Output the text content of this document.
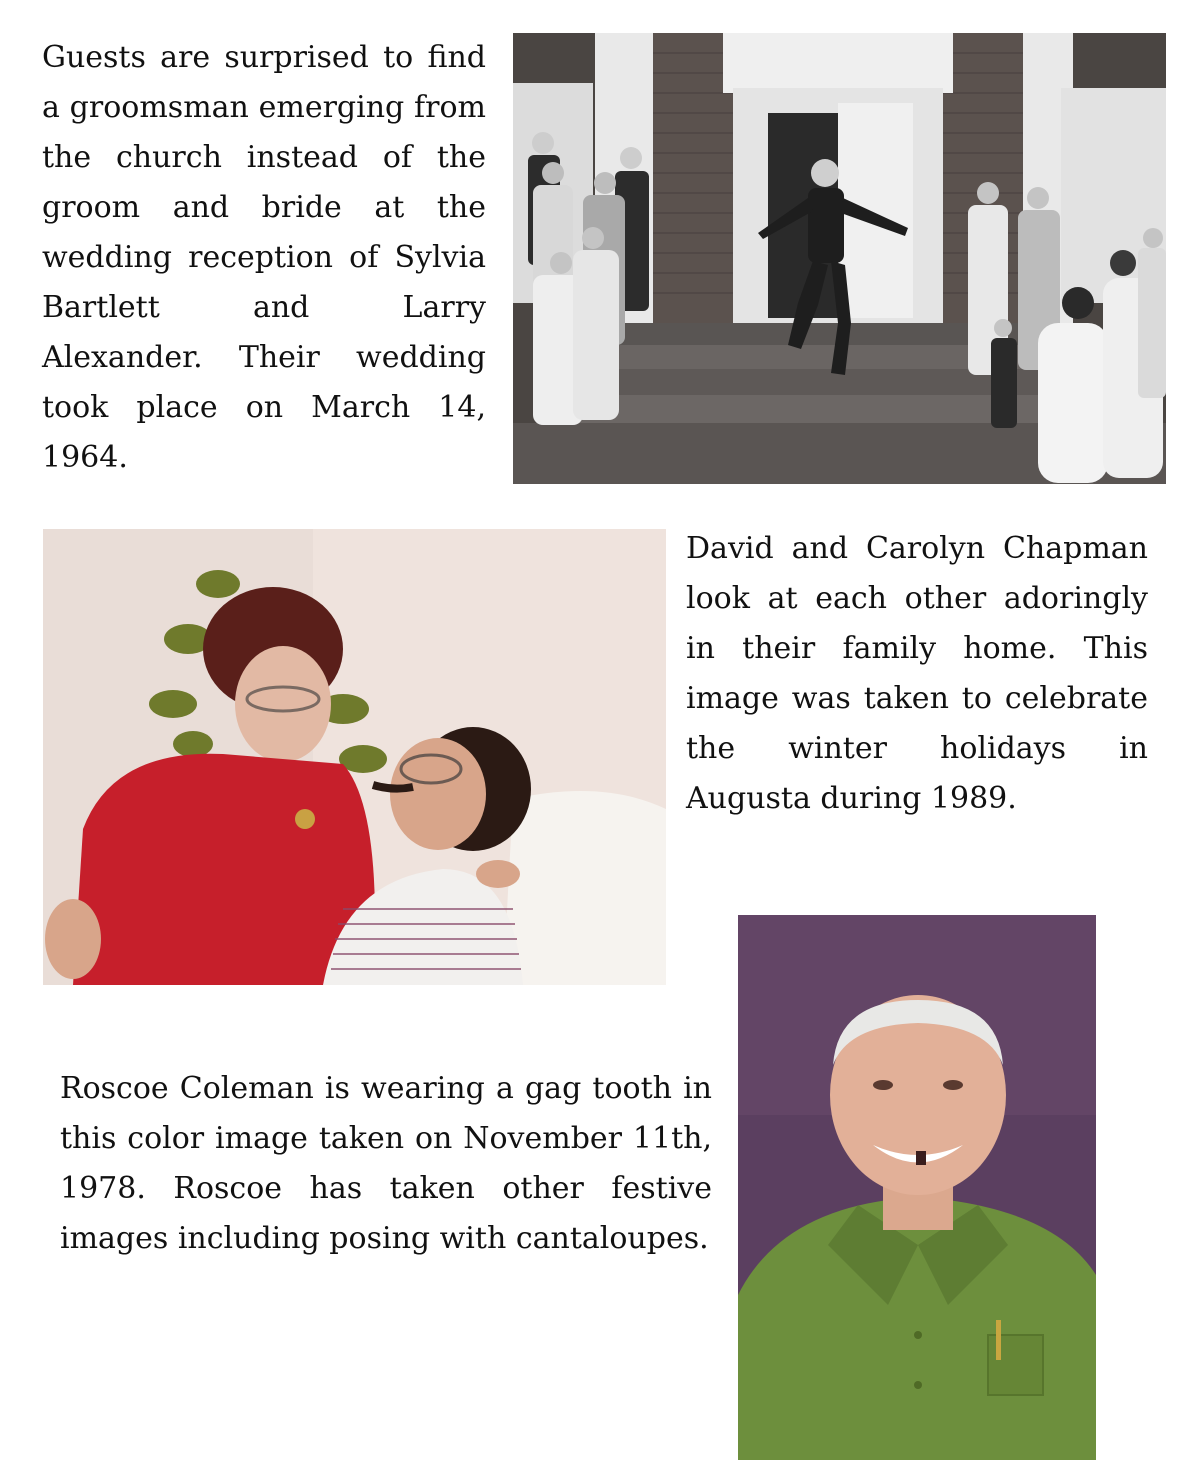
Guests are surprised to find a groomsman emerging from the church instead of the groom and bride at the wedding reception of Sylvia Bartlett and Larry Alexander. Their wedding took place on March 14, 1964.

David and Carolyn Chapman look at each other adoringly in their family home. This image was taken to celebrate the winter holidays in Augusta during 1989.

Roscoe Coleman is wearing a gag tooth in this color image taken on November 11th, 1978. Roscoe has taken other festive images including posing with cantaloupes.
